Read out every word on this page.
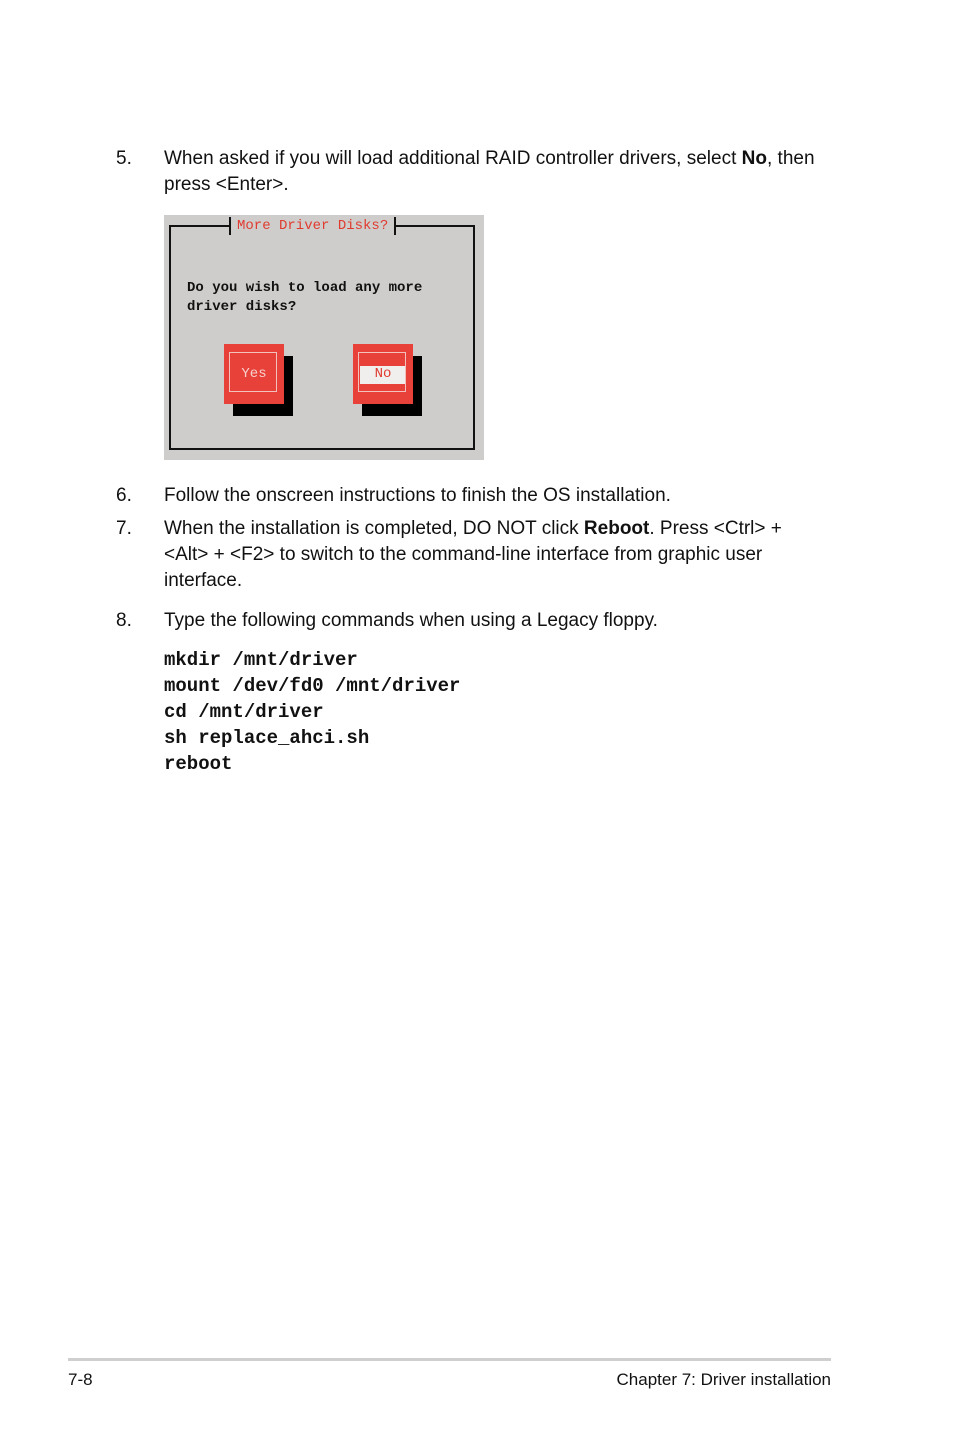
5. When asked if you will load additional RAID controller drivers, select No, then press <Enter>.
More Driver Disks?
Do you wish to load any more
driver disks?
Yes	No
6. Follow the onscreen instructions to finish the OS installation.
7. When the installation is completed, DO NOT click Reboot. Press <Ctrl> + <Alt> + <F2> to switch to the command-line interface from graphic user interface.
8. Type the following commands when using a Legacy floppy.
mkdir /mnt/driver
mount /dev/fd0 /mnt/driver
cd /mnt/driver
sh replace_ahci.sh
reboot
7-8	Chapter 7: Driver installation
